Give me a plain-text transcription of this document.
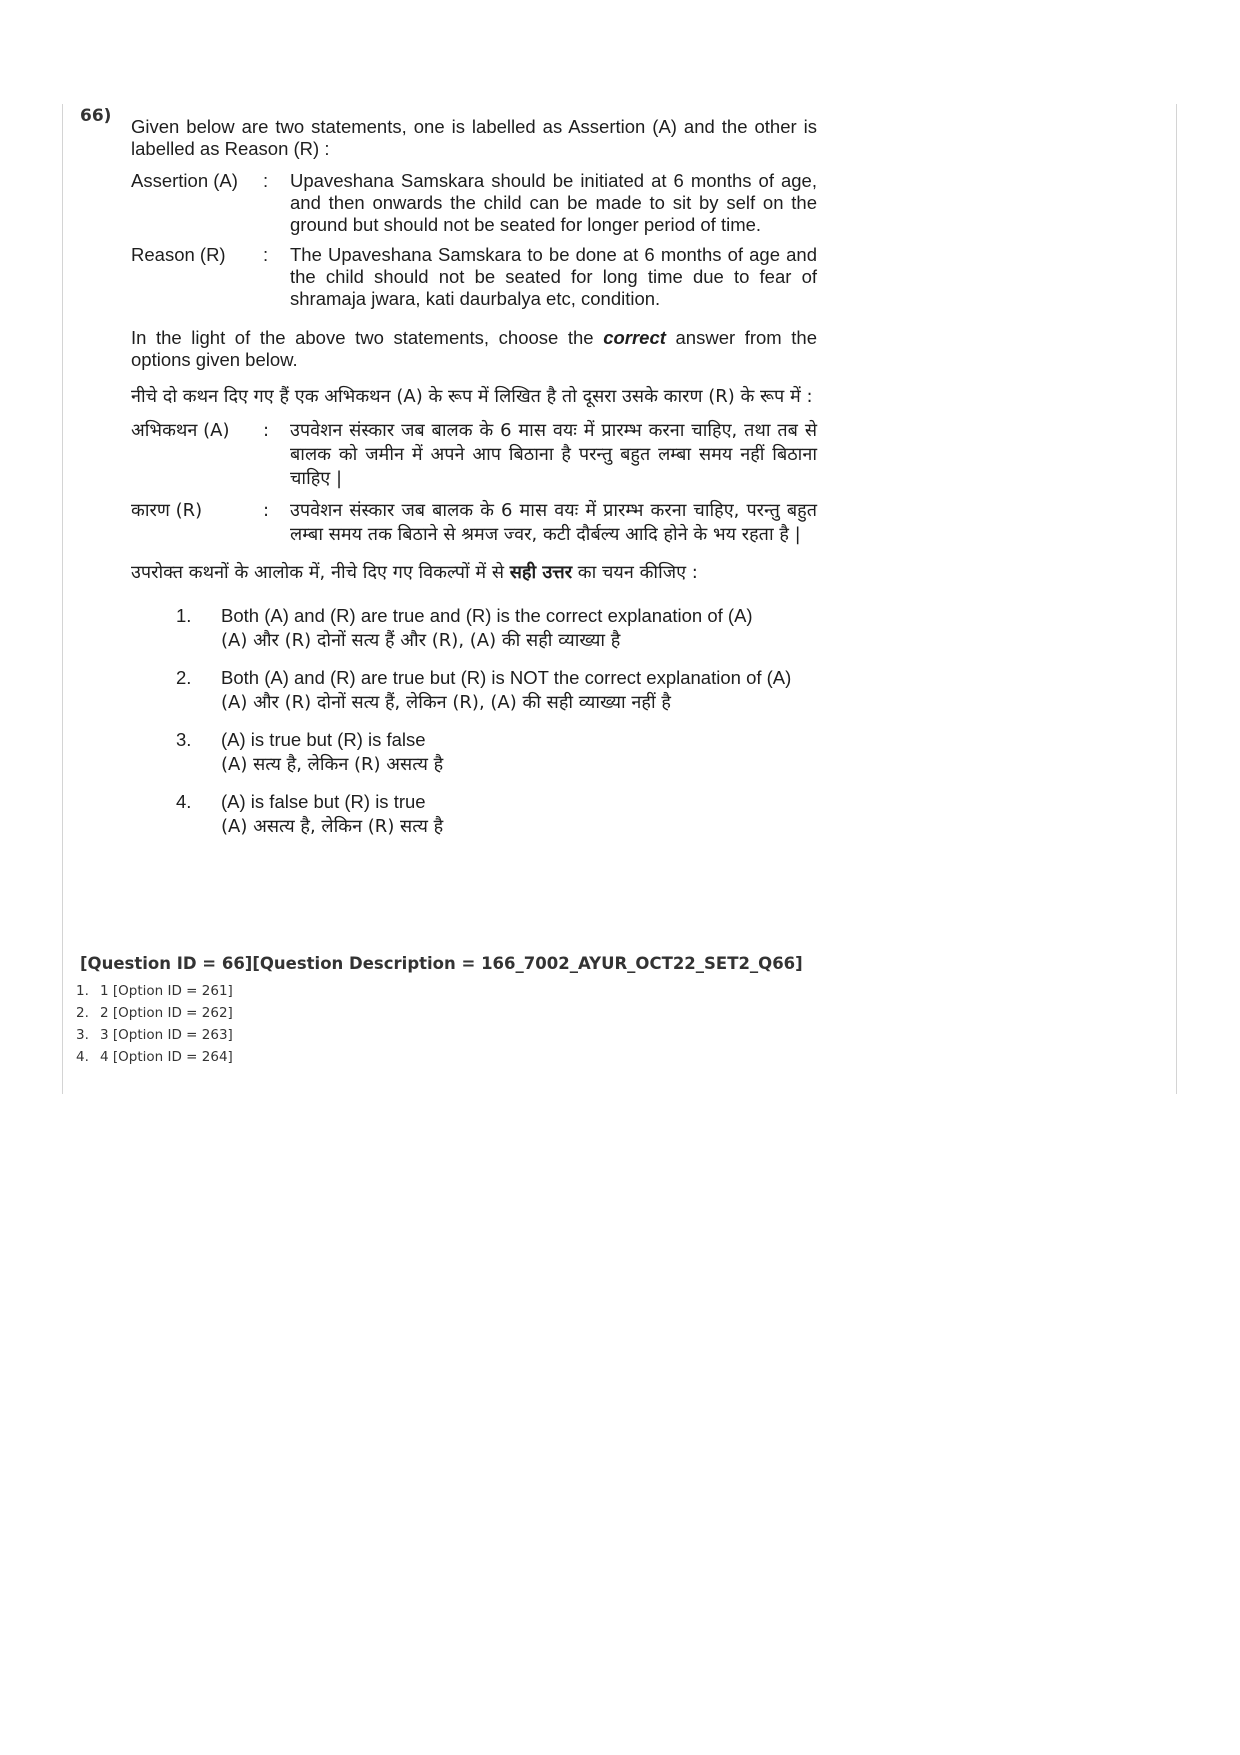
66) Given below are two statements, one is labelled as Assertion (A) and the other is labelled as Reason (R) :

Assertion (A)	:	Upaveshana Samskara should be initiated at 6 months of age, and then onwards the child can be made to sit by self on the ground but should not be seated for longer period of time.
Reason (R)	:	The Upaveshana Samskara to be done at 6 months of age and the child should not be seated for long time due to fear of shramaja jwara, kati daurbalya etc, condition.

In the light of the above two statements, choose the correct answer from the options given below.

नीचे दो कथन दिए गए हैं एक अभिकथन (A) के रूप में लिखित है तो दूसरा उसके कारण (R) के रूप में :

अभिकथन (A)	:	उपवेशन संस्कार जब बालक के 6 मास वयः में प्रारम्भ करना चाहिए, तथा तब से बालक को जमीन में अपने आप बिठाना है परन्तु बहुत लम्बा समय नहीं बिठाना चाहिए |
कारण (R)	:	उपवेशन संस्कार जब बालक के 6 मास वयः में प्रारम्भ करना चाहिए, परन्तु बहुत लम्बा समय तक बिठाने से श्रमज ज्वर, कटी दौर्बल्य आदि होने के भय रहता है |

उपरोक्त कथनों के आलोक में, नीचे दिए गए विकल्पों में से सही उत्तर का चयन कीजिए :

1.	Both (A) and (R) are true and (R) is the correct explanation of (A)
(A) और (R) दोनों सत्य हैं और (R), (A) की सही व्याख्या है
2.	Both (A) and (R) are true but (R) is NOT the correct explanation of (A)
(A) और (R) दोनों सत्य हैं, लेकिन (R), (A) की सही व्याख्या नहीं है
3.	(A) is true but (R) is false
(A) सत्य है, लेकिन (R) असत्य है
4.	(A) is false but (R) is true
(A) असत्य है, लेकिन (R) सत्य है
[Question ID = 66][Question Description = 166_7002_AYUR_OCT22_SET2_Q66]
1. 1 [Option ID = 261]
2. 2 [Option ID = 262]
3. 3 [Option ID = 263]
4. 4 [Option ID = 264]
